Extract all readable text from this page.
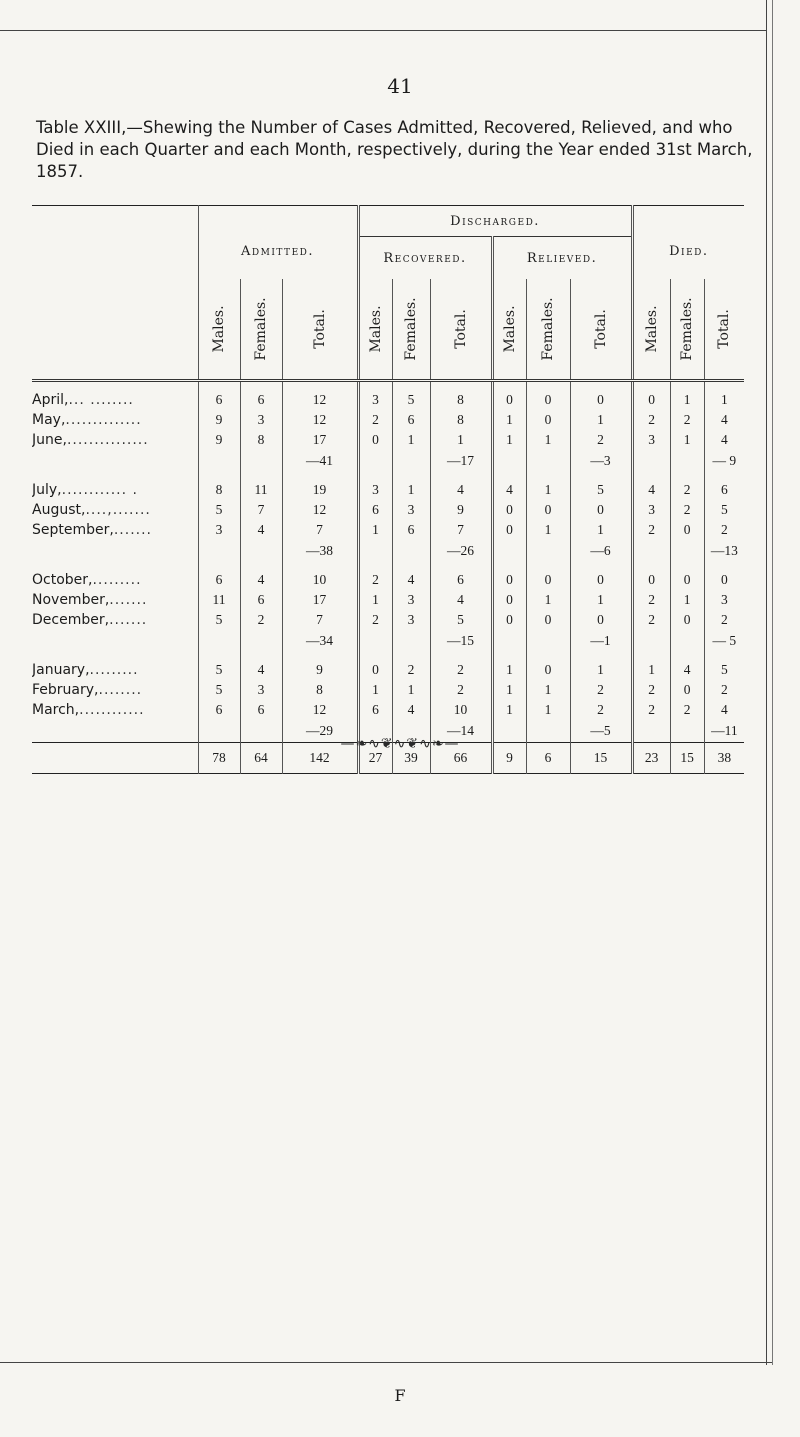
41
Table XXIII,—Shewing the Number of Cases Admitted, Recovered, Relieved, and who Died in each Quarter and each Month, respectively, during the Year ended 31st March, 1857.
	Admitted.			Discharged.						Died.		
				Recovered.			Relieved.					

	Males.	Females.	Total.	Males.	Females.	Total.	Males.	Females.	Total.	Males.	Females.	Total.

April,... ........	6	6	12	3	5	8	0	0	0	0	1	1
May,..............	9	3	12	2	6	8	1	0	1	2	2	4
June,...............	9	8	17	0	1	1	1	1	2	3	1	4
			—41			—17			—3			— 9

July,............ .	8	11	19	3	1	4	4	1	5	4	2	6
August,....,.......	5	7	12	6	3	9	0	0	0	3	2	5
September,.......	3	4	7	1	6	7	0	1	1	2	0	2
			—38			—26			—6			—13

October,.........	6	4	10	2	4	6	0	0	0	0	0	0
November,.......	11	6	17	1	3	4	0	1	1	2	1	3
December,.......	5	2	7	2	3	5	0	0	0	2	0	2
			—34			—15			—1			— 5

January,.........	5	4	9	0	2	2	1	0	1	1	4	5
February,........	5	3	8	1	1	2	1	1	2	2	0	2
March,............	6	6	12	6	4	10	1	1	2	2	2	4
			—29			—14			—5			—11
	78	64	142	27	39	66	9	6	15	23	15	38
—❧∿❦∿❦∿❧—
F
